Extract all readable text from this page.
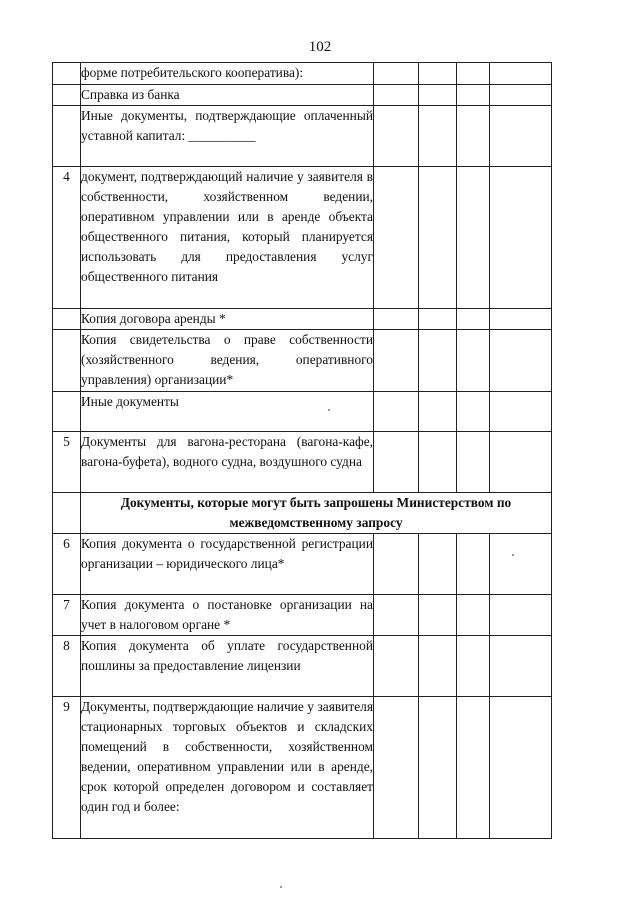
102

	форме потребительского кооператива):				

	Справка из банка				

	Иные документы, подтверждающие оплаченный уставной капитал: __________				

4	документ, подтверждающий наличие у заявителя в собственности, хозяйственном ведении, оперативном управлении или в аренде объекта общественного питания, который планируется использовать для предоставления услуг общественного питания				

	Копия договора аренды *				

	Копия свидетельства о праве собственности (хозяйственного ведения, оперативного управления) организации*				

	Иные документы				

5	Документы для вагона-ресторана (вагона-кафе, вагона-буфета), водного судна, воздушного судна				

	Документы, которые могут быть запрошены Министерством по межведомственному запросу				
6	Копия документа о государственной регистрации организации – юридического лица*				

7	Копия документа о постановке организации на учет в налоговом органе *				

8	Копия документа об уплате государственной пошлины за предоставление лицензии				

9	Документы, подтверждающие наличие у заявителя стационарных торговых объектов и складских помещений в собственности, хозяйственном ведении, оперативном управлении или в аренде, срок которой определен договором и составляет один год и более:				
